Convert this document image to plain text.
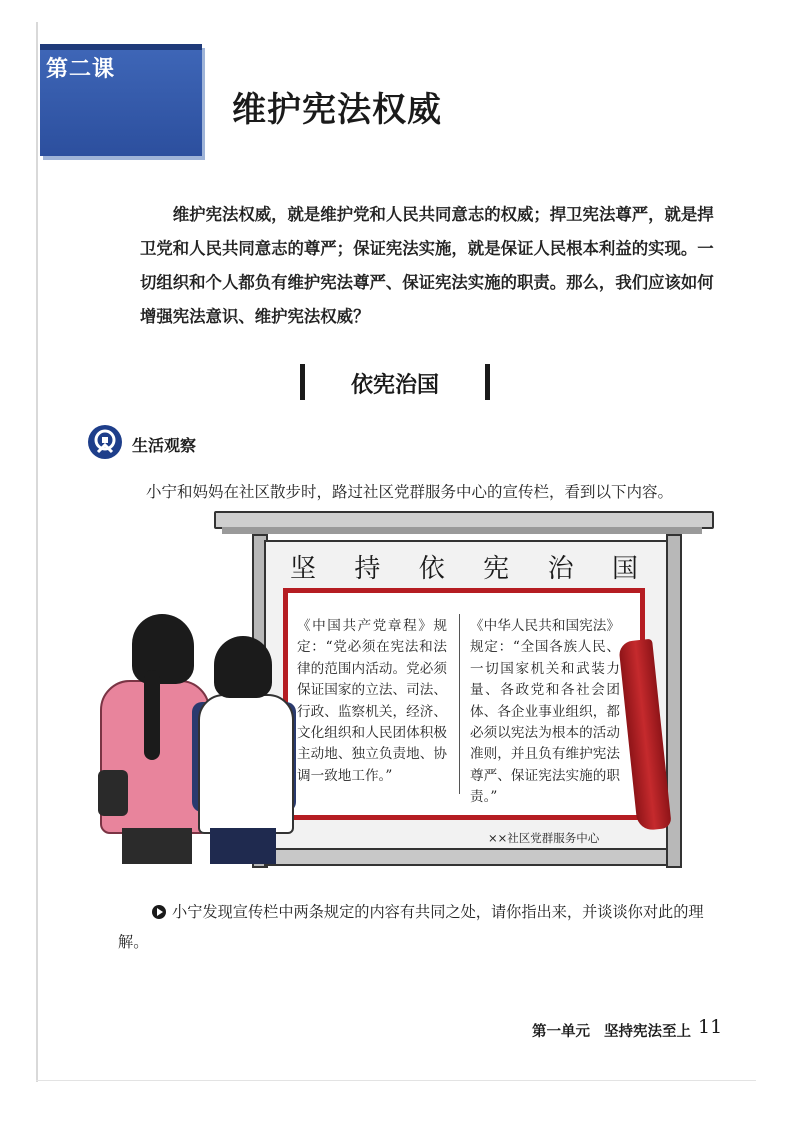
第二课
维护宪法权威
维护宪法权威，就是维护党和人民共同意志的权威；捍卫宪法尊严，就是捍卫党和人民共同意志的尊严；保证宪法实施，就是保证人民根本利益的实现。一切组织和个人都负有维护宪法尊严、保证宪法实施的职责。那么，我们应该如何增强宪法意识、维护宪法权威？
依宪治国
生活观察
小宁和妈妈在社区散步时，路过社区党群服务中心的宣传栏，看到以下内容。
坚 持 依 宪 治 国
《中国共产党章程》规定：“党必须在宪法和法律的范围内活动。党必须保证国家的立法、司法、行政、监察机关，经济、文化组织和人民团体积极主动地、独立负责地、协调一致地工作。”
《中华人民共和国宪法》规定：“全国各族人民、一切国家机关和武装力量、各政党和各社会团体、各企业事业组织，都必须以宪法为根本的活动准则，并且负有维护宪法尊严、保证宪法实施的职责。”
××社区党群服务中心
小宁发现宣传栏中两条规定的内容有共同之处，请你指出来，并谈谈你对此的理解。
第一单元 坚持宪法至上 11
